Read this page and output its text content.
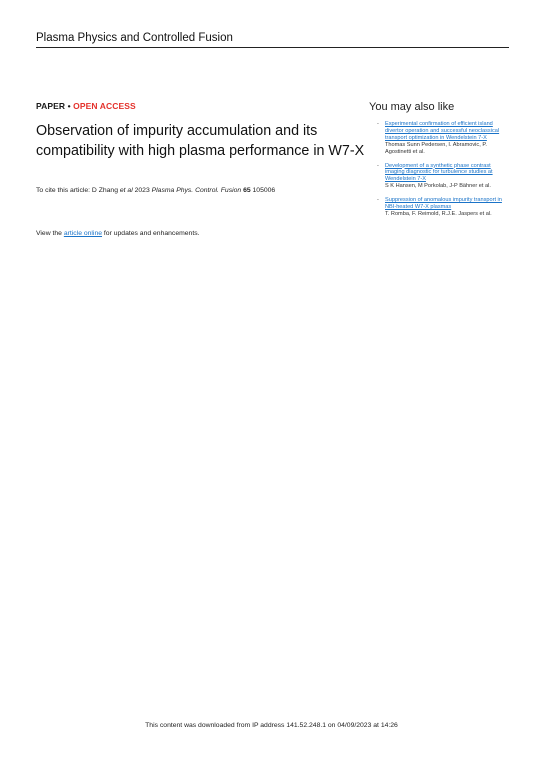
Plasma Physics and Controlled Fusion
PAPER • OPEN ACCESS
Observation of impurity accumulation and its compatibility with high plasma performance in W7-X
To cite this article: D Zhang et al 2023 Plasma Phys. Control. Fusion 65 105006
View the article online for updates and enhancements.
You may also like
- Experimental confirmation of efficient island divertor operation and successful neoclassical transport optimization in Wendelstein 7-X
Thomas Sunn Pedersen, I. Abramovic, P. Agostinetti et al.
- Development of a synthetic phase contrast imaging diagnostic for turbulence studies at Wendelstein 7-X
S K Hansen, M Porkolab, J-P Bähner et al.
- Suppression of anomalous impurity transport in NBI-heated W7-X plasmas
T. Romba, F. Reimold, R.J.E. Jaspers et al.
This content was downloaded from IP address 141.52.248.1 on 04/09/2023 at 14:26
